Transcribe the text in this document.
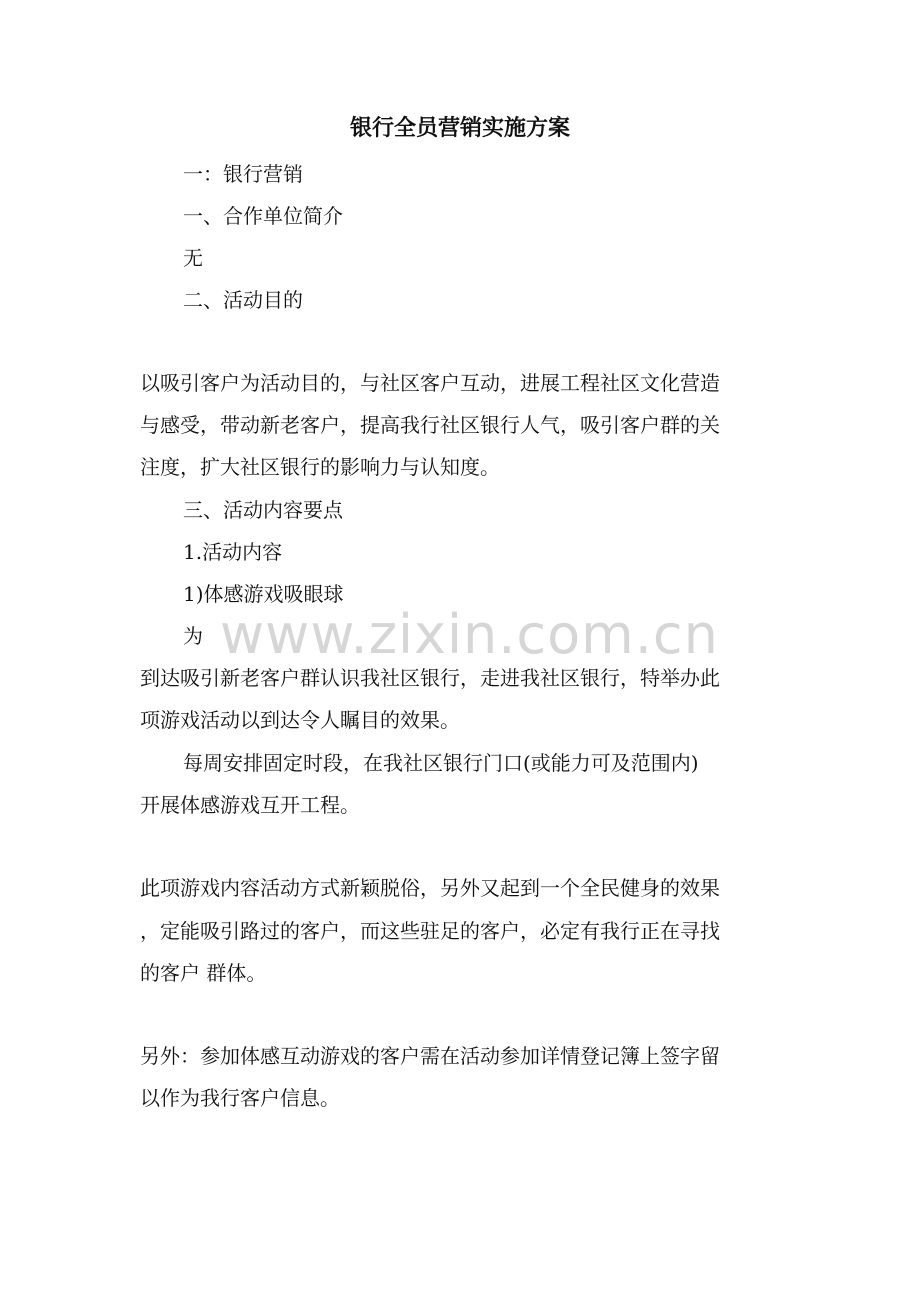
www.zixin.com.cn
银行全员营销实施方案
一：银行营销
一、合作单位简介
无
二、活动目的
以吸引客户为活动目的，与社区客户互动，进展工程社区文化营造
与感受，带动新老客户，提高我行社区银行人气，吸引客户群的关
注度，扩大社区银行的影响力与认知度。
三、活动内容要点
1.活动内容
1)体感游戏吸眼球
为
到达吸引新老客户群认识我社区银行，走进我社区银行，特举办此
项游戏活动以到达令人瞩目的效果。
每周安排固定时段，在我社区银行门口(或能力可及范围内)
开展体感游戏互开工程。
此项游戏内容活动方式新颖脱俗，另外又起到一个全民健身的效果
，定能吸引路过的客户，而这些驻足的客户，必定有我行正在寻找
的客户 群体。
另外：参加体感互动游戏的客户需在活动参加详情登记簿上签字留
以作为我行客户信息。
